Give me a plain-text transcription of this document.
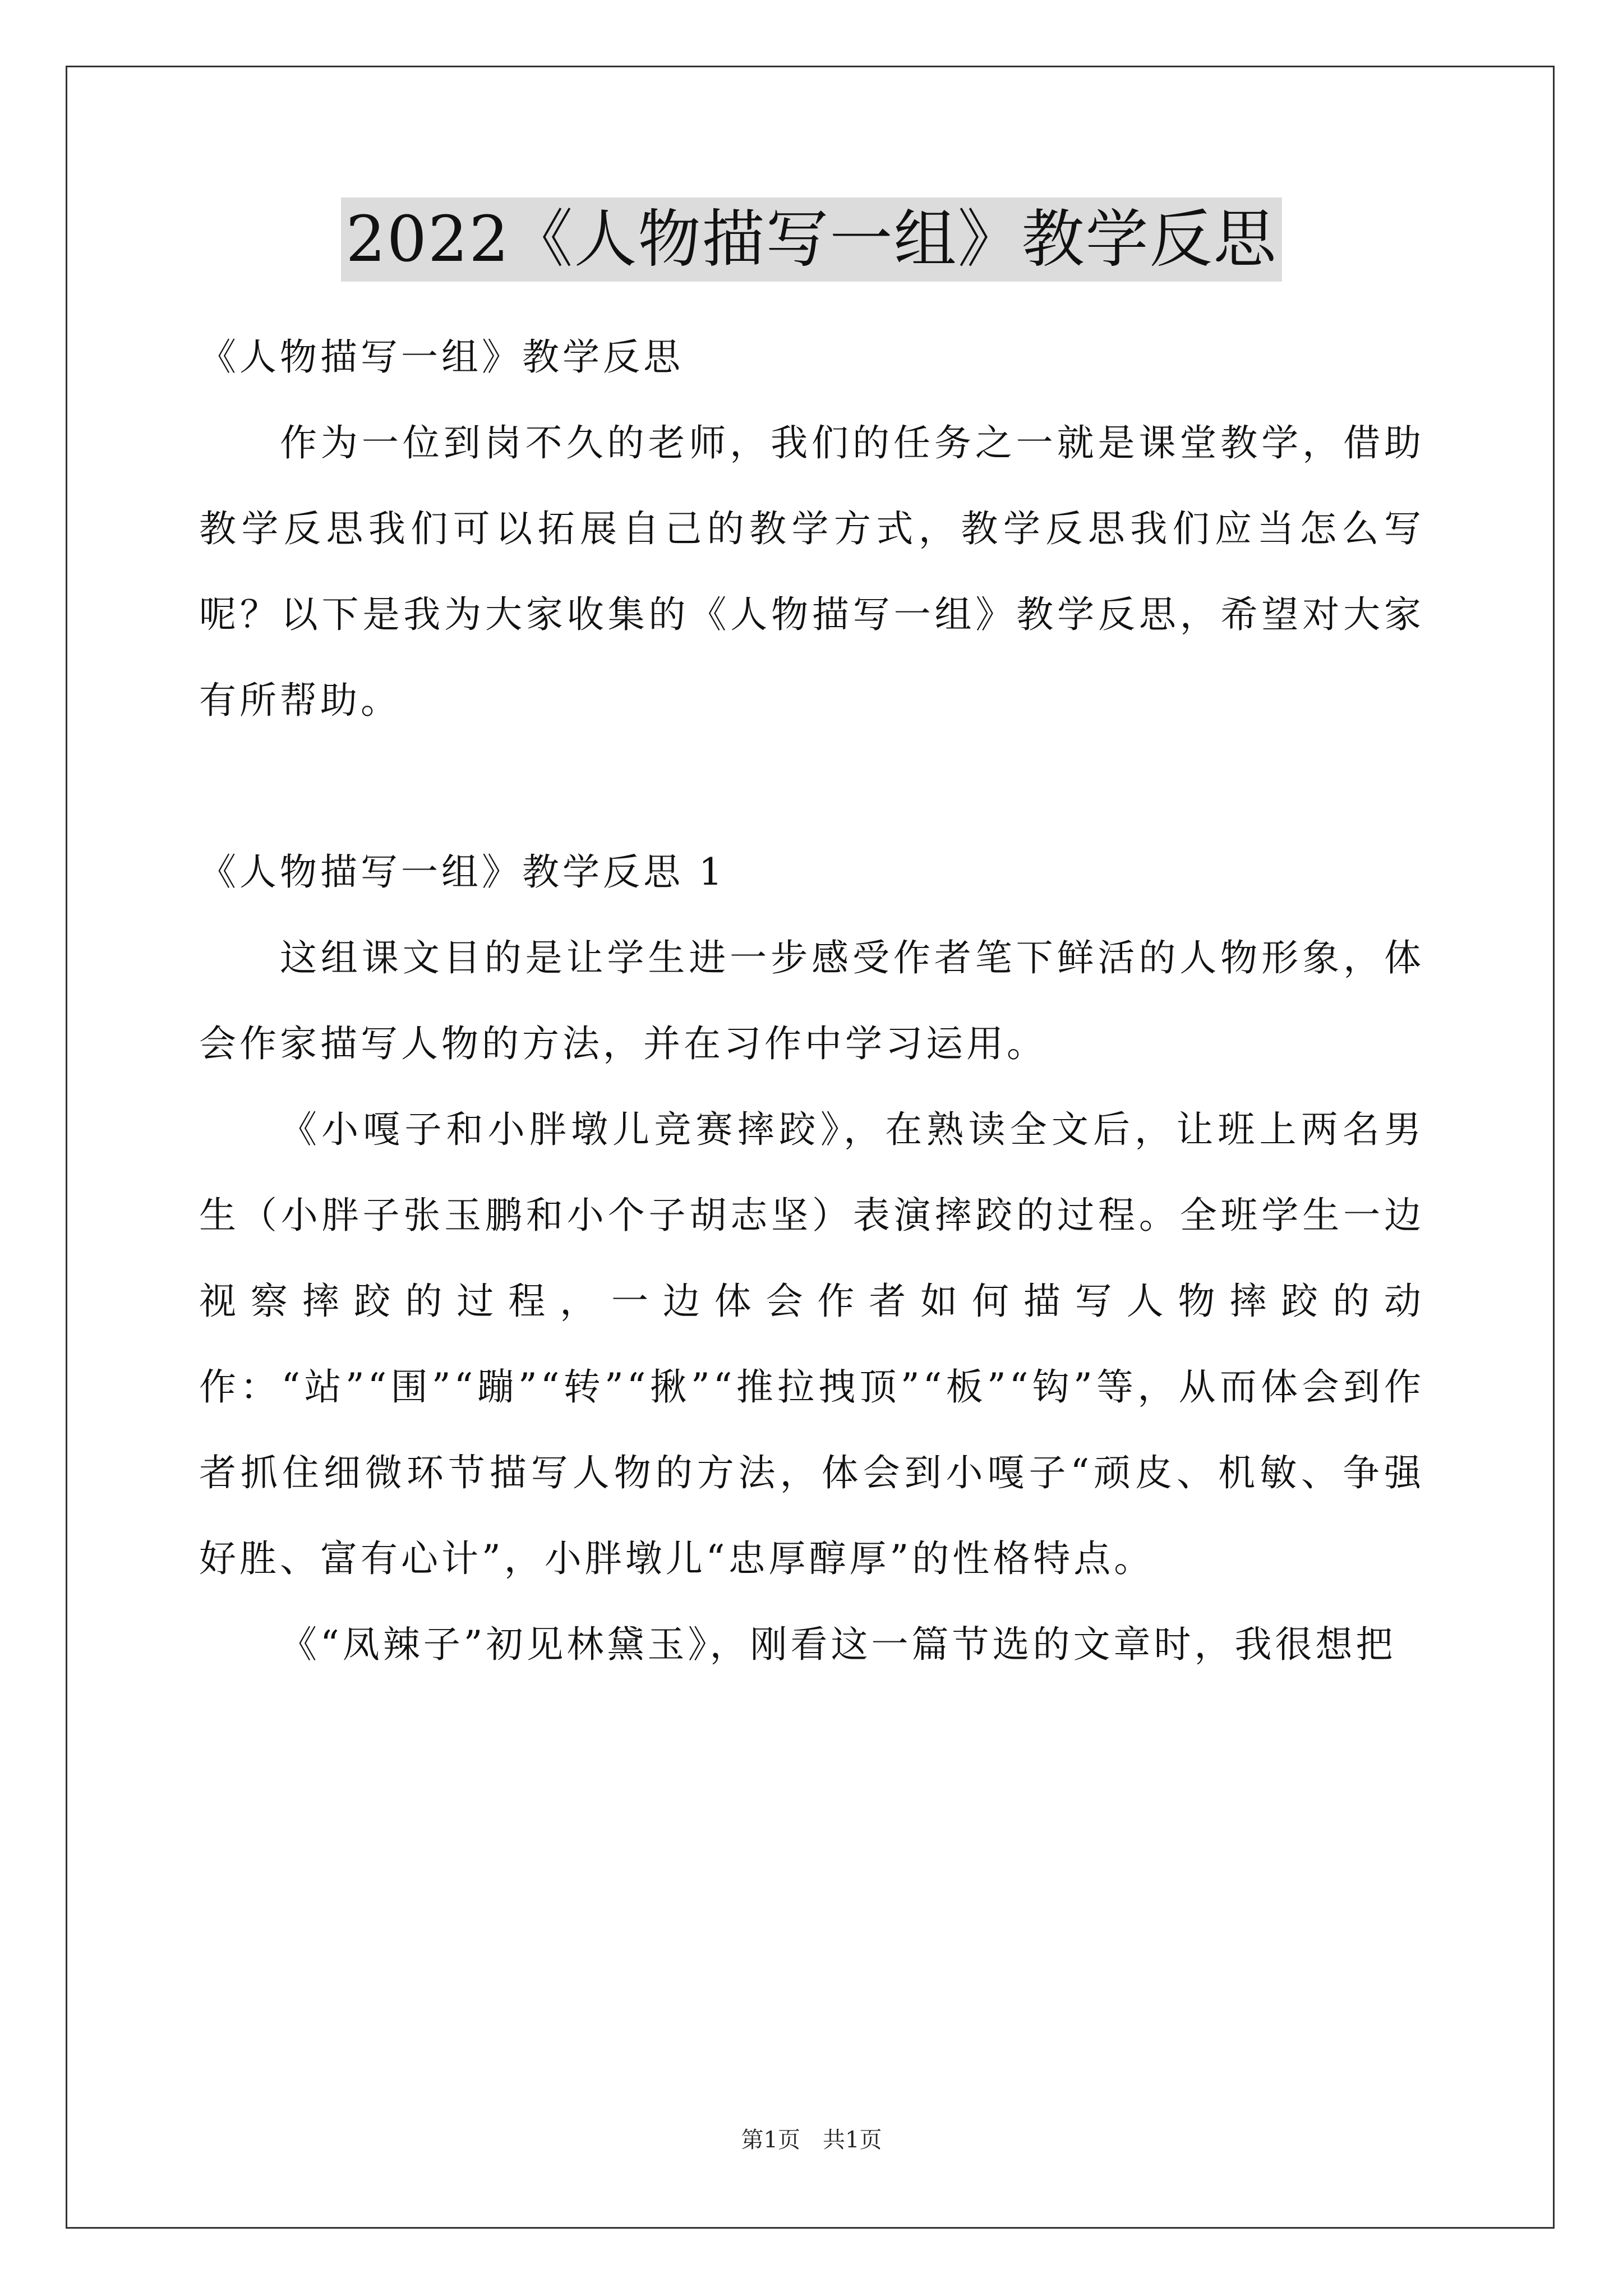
2022《人物描写一组》教学反思

《人物描写一组》教学反思

作为一位到岗不久的老师，我们的任务之一就是课堂教学，借助教学反思我们可以拓展自己的教学方式，教学反思我们应当怎么写呢？以下是我为大家收集的《人物描写一组》教学反思，希望对大家有所帮助。

《人物描写一组》教学反思 1

这组课文目的是让学生进一步感受作者笔下鲜活的人物形象，体会作家描写人物的方法，并在习作中学习运用。

《小嘎子和小胖墩儿竞赛摔跤》，在熟读全文后，让班上两名男生（小胖子张玉鹏和小个子胡志坚）表演摔跤的过程。全班学生一边视察摔跤的过程，一边体会作者如何描写人物摔跤的动作：“站”“围”“蹦”“转”“揪”“推拉拽顶”“板”“钩”等，从而体会到作者抓住细微环节描写人物的方法，体会到小嘎子“顽皮、机敏、争强好胜、富有心计”，小胖墩儿“忠厚醇厚”的性格特点。

《“凤辣子”初见林黛玉》，刚看这一篇节选的文章时，我很想把

第1页　共1页
